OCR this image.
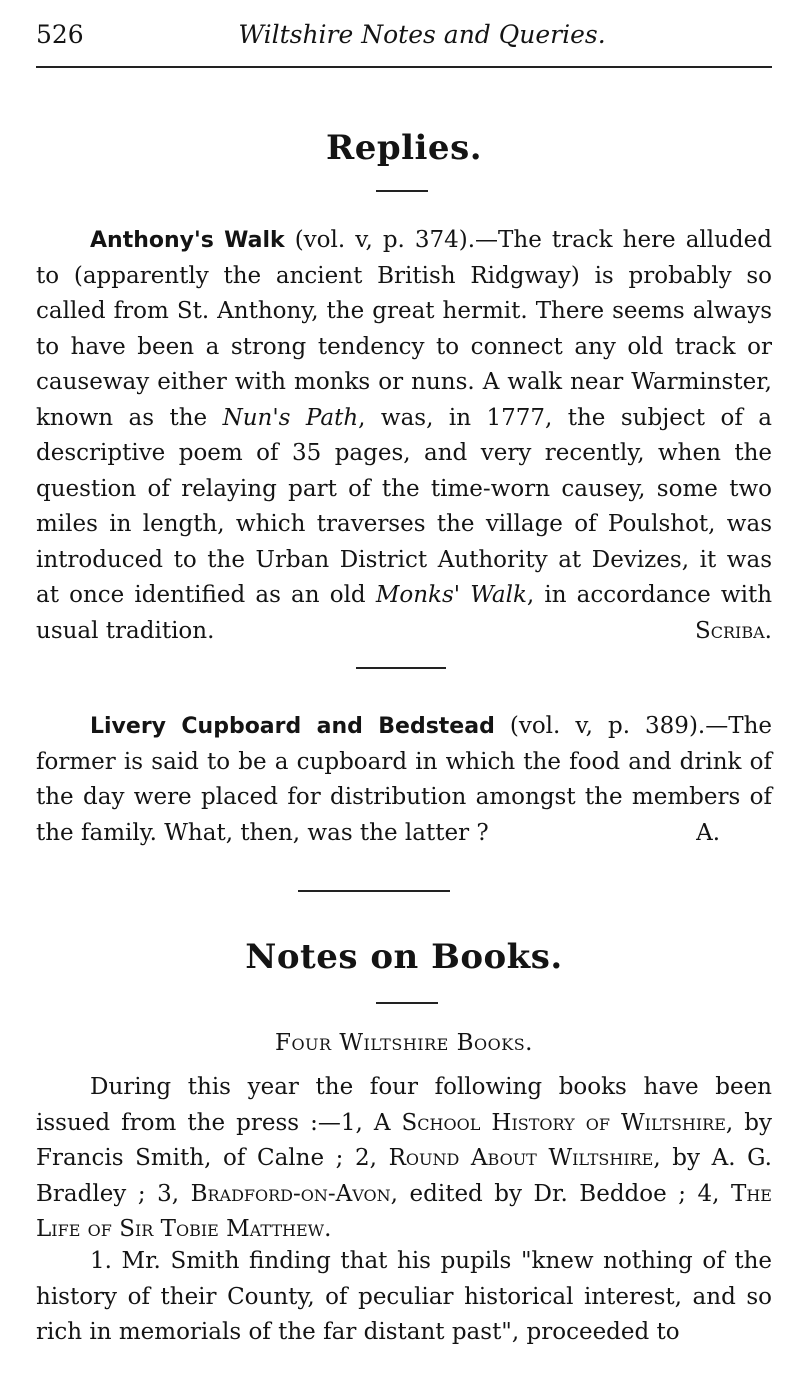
526	Wiltshire Notes and Queries.
Replies.
Anthony's Walk (vol. v, p. 374).—The track here alluded to (apparently the ancient British Ridgway) is probably so called from St. Anthony, the great hermit. There seems always to have been a strong tendency to connect any old track or causeway either with monks or nuns. A walk near Warminster, known as the Nun's Path, was, in 1777, the subject of a descriptive poem of 35 pages, and very recently, when the question of relaying part of the time-worn causey, some two miles in length, which traverses the village of Poulshot, was introduced to the Urban District Authority at Devizes, it was at once identified as an old Monks' Walk, in accordance with usual tradition.	Scriba.
Livery Cupboard and Bedstead (vol. v, p. 389).—The former is said to be a cupboard in which the food and drink of the day were placed for distribution amongst the members of the family. What, then, was the latter ?	A.
Notes on Books.
Four Wiltshire Books.
During this year the four following books have been issued from the press :—1, A School History of Wiltshire, by Francis Smith, of Calne ; 2, Round About Wiltshire, by A. G. Bradley ; 3, Bradford-on-Avon, edited by Dr. Beddoe ; 4, The Life of Sir Tobie Matthew.
1. Mr. Smith finding that his pupils "knew nothing of the history of their County, of peculiar historical interest, and so rich in memorials of the far distant past", proceeded to
